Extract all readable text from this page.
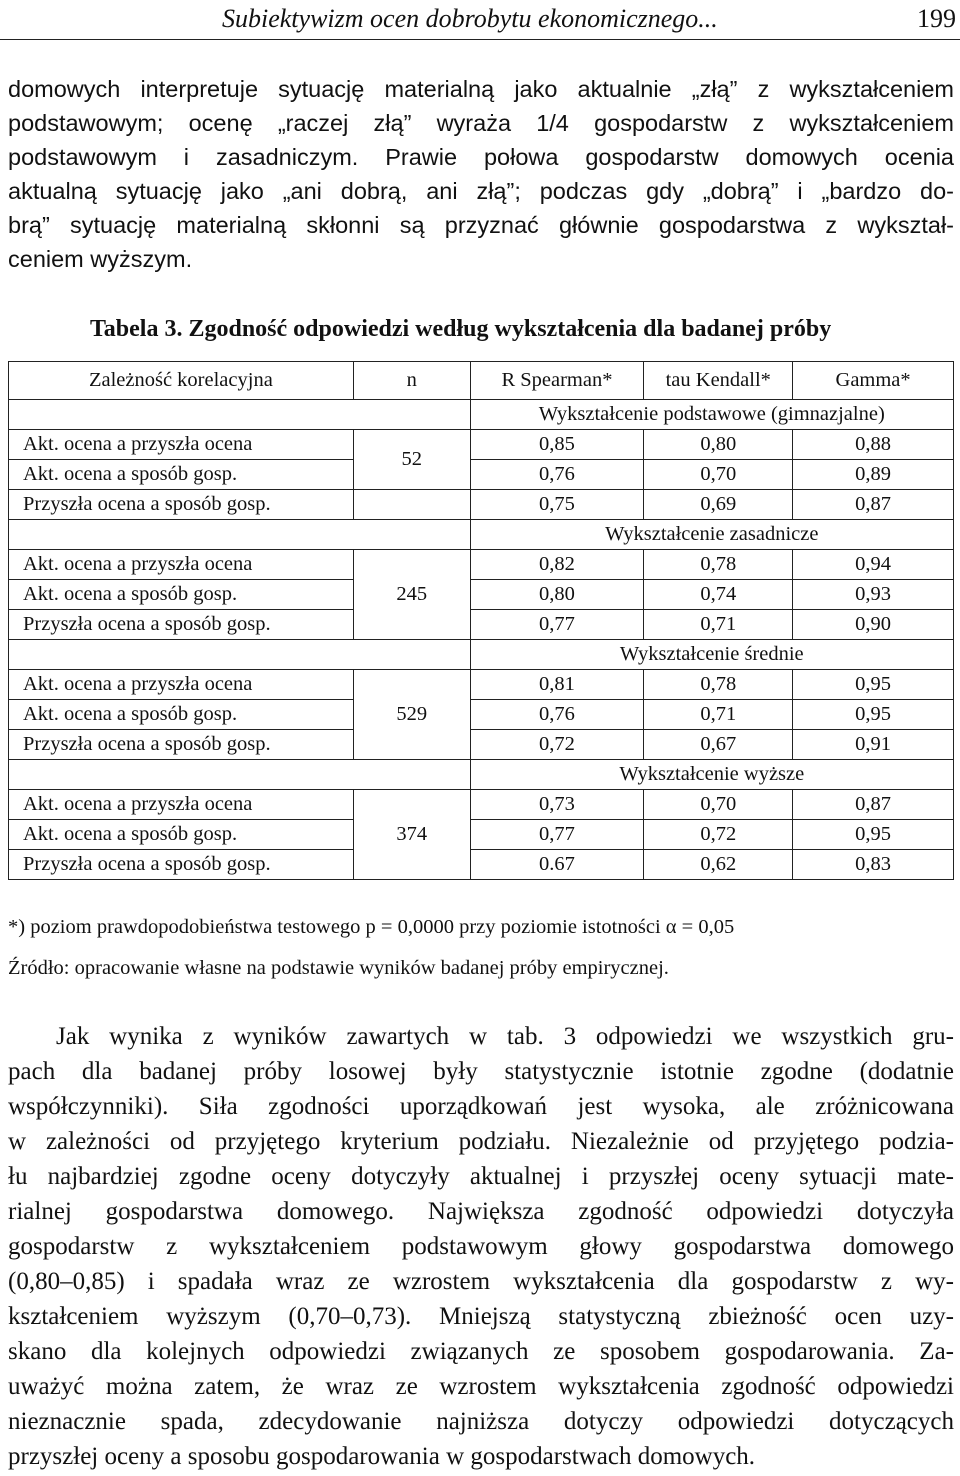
Subiektywizm ocen dobrobytu ekonomicznego...	199
domowych interpretuje sytuację materialną jako aktualnie „złą” z wykształceniem
podstawowym; ocenę „raczej złą” wyraża 1/4 gospodarstw z wykształceniem
podstawowym i zasadniczym. Prawie połowa gospodarstw domowych ocenia
aktualną sytuację jako „ani dobrą, ani złą”; podczas gdy „dobrą” i „bardzo do-
brą” sytuację materialną skłonni są przyznać głównie gospodarstwa z wykształ-
ceniem wyższym.
Tabela 3. Zgodność odpowiedzi według wykształcenia dla badanej próby
Zależność korelacyjna	n	R Spearman*	tau Kendall*	Gamma*
		Wykształcenie podstawowe (gimnazjalne)		
Akt. ocena a przyszła ocena	52	0,85	0,80	0,88
Akt. ocena a sposób gosp.		0,76	0,70	0,89
Przyszła ocena a sposób gosp.		0,75	0,69	0,87
		Wykształcenie zasadnicze		
Akt. ocena a przyszła ocena	245	0,82	0,78	0,94
Akt. ocena a sposób gosp.		0,80	0,74	0,93
Przyszła ocena a sposób gosp.		0,77	0,71	0,90
		Wykształcenie średnie		
Akt. ocena a przyszła ocena	529	0,81	0,78	0,95
Akt. ocena a sposób gosp.		0,76	0,71	0,95
Przyszła ocena a sposób gosp.		0,72	0,67	0,91
		Wykształcenie wyższe		
Akt. ocena a przyszła ocena	374	0,73	0,70	0,87
Akt. ocena a sposób gosp.		0,77	0,72	0,95
Przyszła ocena a sposób gosp.		0.67	0,62	0,83
*) poziom prawdopodobieństwa testowego p = 0,0000 przy poziomie istotności α = 0,05
Źródło: opracowanie własne na podstawie wyników badanej próby empirycznej.
Jak wynika z wyników zawartych w tab. 3 odpowiedzi we wszystkich gru-
pach dla badanej próby losowej były statystycznie istotnie zgodne (dodatnie
współczynniki). Siła zgodności uporządkowań jest wysoka, ale zróżnicowana
w zależności od przyjętego kryterium podziału. Niezależnie od przyjętego podzia-
łu najbardziej zgodne oceny dotyczyły aktualnej i przyszłej oceny sytuacji mate-
rialnej gospodarstwa domowego. Największa zgodność odpowiedzi dotyczyła
gospodarstw z wykształceniem podstawowym głowy gospodarstwa domowego
(0,80–0,85) i spadała wraz ze wzrostem wykształcenia dla gospodarstw z wy-
kształceniem wyższym (0,70–0,73). Mniejszą statystyczną zbieżność ocen uzy-
skano dla kolejnych odpowiedzi związanych ze sposobem gospodarowania. Za-
uważyć można zatem, że wraz ze wzrostem wykształcenia zgodność odpowiedzi
nieznacznie spada, zdecydowanie najniższa dotyczy odpowiedzi dotyczących
przyszłej oceny a sposobu gospodarowania w gospodarstwach domowych.
